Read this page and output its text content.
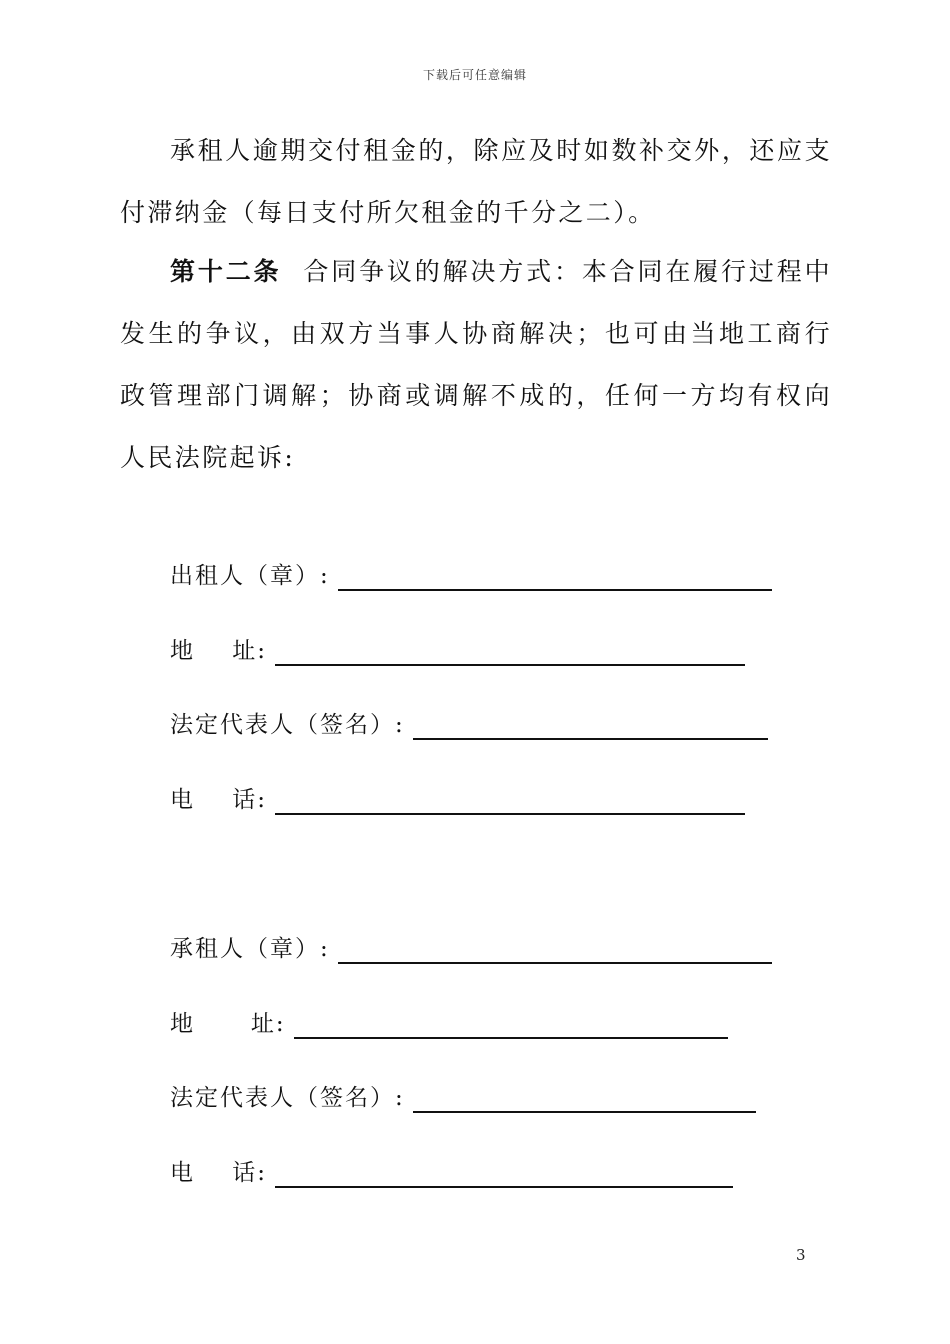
下载后可任意编辑
承租人逾期交付租金的，除应及时如数补交外，还应支付滞纳金（每日支付所欠租金的千分之二）。
第十二条 合同争议的解决方式：本合同在履行过程中发生的争议，由双方当事人协商解决；也可由当地工商行政管理部门调解；协商或调解不成的，任何一方均有权向人民法院起诉:
出租人（章）:
地    址:
法定代表人（签名）:
电    话:
承租人（章）:
地      址:
法定代表人（签名）:
电    话:
3
